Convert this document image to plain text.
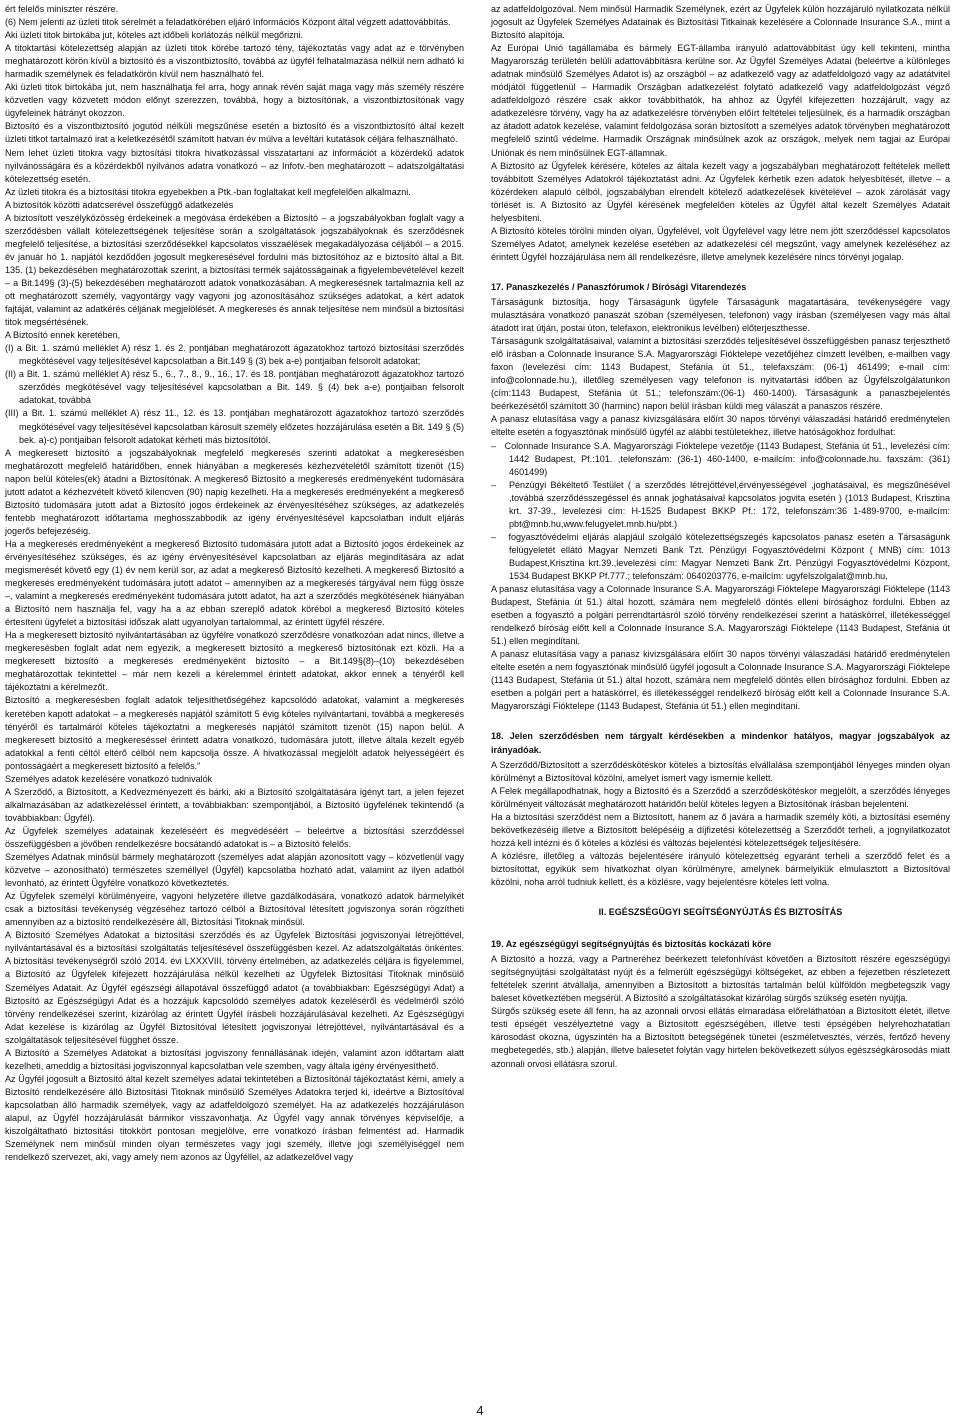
ért felelős miniszter részére.

(6) Nem jelenti az üzleti titok sérelmét a feladatkörében eljáró Információs Központ által végzett adattovábbítás.

Aki üzleti titok birtokába jut, köteles azt időbeli korlátozás nélkül megőrizni.

A titoktartási kötelezettség alapján az üzleti titok körébe tartozó tény, tájékoztatás vagy adat az e törvényben meghatározott körön kívül a biztosító és a viszontbiztosító, továbbá az ügyfél felhatalmazása nélkül nem adható ki harmadik személynek és feladatkörön kívül nem használható fel.

Aki üzleti titok birtokába jut, nem használhatja fel arra, hogy annak révén saját maga vagy más személy részére közvetlen vagy közvetett módon előnyt szerezzen, továbbá, hogy a biztosítónak, a viszontbiztosítónak vagy ügyfeleinek hátrányt okozzon.

Biztosító és a viszontbiztosító jogutód nélküli megszűnése esetén a biztosító és a viszontbiztosító által kezelt üzleti titkot tartalmazó irat a keletkezésétől számított hatvan év múlva a levéltári kutatások céljára felhasználható.

Nem lehet üzleti titokra vagy biztosítási titokra hivatkozással visszatartani az információt a közérdekű adatok nyilvánosságára és a közérdekből nyilvános adatra vonatkozó – az Infotv.-ben meghatározott – adatszolgáltatási kötelezettség esetén.

Az üzleti titokra és a biztosítási titokra egyebekben a Ptk.-ban foglaltakat kell megfelelően alkalmazni.

A biztosítók közötti adatcserével összefüggő adatkezelés

A biztosított veszélyközösség érdekeinek a megóvása érdekében a Biztosító – a jogszabályokban foglalt vagy a szerződésben vállalt kötelezettségének teljesítése során a szolgáltatások jogszabályoknak és szerződésnek megfelelő teljesítése, a biztosítási szerződésekkel kapcsolatos visszaélések megakadályozása céljából – a 2015. év január hó 1. napjától kezdődően jogosult megkeresésével fordulni más biztosítóhoz az e biztosító által a Bit. 135. (1) bekezdésében meghatározottak szerint, a biztosítási termék sajátosságainak a figyelembevételével kezelt – a Bit.149§ (3)-(5) bekezdésében meghatározott adatok vonatkozásában. A megkeresésnek tartalmaznia kell az ott meghatározott személy, vagyontárgy vagy vagyoni jog azonosításához szükséges adatokat, a kért adatok fajtáját, valamint az adatkérés céljának megjelölését. A megkeresés és annak teljesítése nem minősül a biztosítási titok megsértésének.

A Biztosító ennek keretében,

(I) a Bit. 1. számú melléklet A) rész 1. és 2. pontjában meghatározott ágazatokhoz tartozó biztosítási szerződés megkötésével vagy teljesítésével kapcsolatban a Bit.149 § (3) bek a-e) pontjaiban felsorolt adatokat;

(II) a Bit. 1. számú melléklet A) rész 5., 6., 7., 8., 9., 16., 17. és 18. pontjában meghatározott ágazatokhoz tartozó szerződés megkötésével vagy teljesítésével kapcsolatban a Bit. 149. § (4) bek a-e) pontjaiban felsorolt adatokat, továbbá

(III) a Bit. 1. számú melléklet A) rész 11., 12. és 13. pontjában meghatározott ágazatokhoz tartozó szerződés megkötésével vagy teljesítésével kapcsolatban károsult személy előzetes hozzájárulása esetén a Bit. 149 § (5) bek. a)-c) pontjaiban felsorolt adatokat kérheti más biztosítótól.

A megkeresett biztosító a jogszabályoknak megfelelő megkeresés szerinti adatokat a megkeresésben meghatározott megfelelő határidőben, ennek hiányában a megkeresés kézhezvételétől számított tizenöt (15) napon belül köteles(ek) átadni a Biztosítónak. A megkereső Biztosító a megkeresés eredményeként tudomására jutott adatot a kézhezvételt követő kilencven (90) napig kezelheti. Ha a megkeresés eredményeként a megkereső Biztosító tudomására jutott adat a Biztosító jogos érdekeinek az érvényesítéséhez szükséges, az adatkezelés fentebb meghatározott időtartama meghosszabbodik az igény érvényesítésével kapcsolatban indult eljárás jogerős befejezéséig.

Ha a megkeresés eredményeként a megkereső Biztosító tudomására jutott adat a Biztosító jogos érdekeinek az érvényesítéséhez szükséges, és az igény érvényesítésével kapcsolatban az eljárás megindítására az adat megismerését követő egy (1) év nem kerül sor, az adat a megkereső Biztosító kezelheti. A megkereső Biztosító a megkeresés eredményeként tudomására jutott adatot – amennyiben az a megkeresés tárgyával nem függ össze –, valamint a megkeresés eredményeként tudomására jutott adatot, ha azt a szerződés megkötésének hiányában a Biztosító nem használja fel, vagy ha a az ebban szereplő adatok körébol a megkereső Biztosító köteles értesíteni ügyfelet a biztosítási időszak alatt ugyanolyan tartalommal, az érintett ügyfél részére.

Ha a megkeresett biztosító nyilvántartásában az ügyfélre vonatkozó szerződésre vonatkozóan adat nincs, illetve a megkeresésben foglalt adat nem egyezik, a megkeresett biztosító a megkereső biztosítónak ezt közli. Ha a megkeresett biztosító a megkeresés eredményeként biztosító – a Bit.149§(8)–(10) bekezdésében meghatározottak tekintettel – már nem kezeli a kérelemmel érintett adatokat, akkor ennek a tényéről kell tájékoztatni a kérelmezőt.

Biztosító a megkeresésben foglalt adatok teljesíthetőségéhez kapcsolódó adatokat, valamint a megkeresés keretében kapott adatokat – a megkeresés napjától számított 5 évig köteles nyilvántartani, továbbá a megkeresés tényéről és tartalmáról köteles tájékoztatni a megkeresés napjától számított tizenöt (15) napon belül. A megkeresett biztosító a megkereséssel érintett adatra vonatkozó, tudomására jutott, illetve általa kezelt egyéb adatokkal a fenti céltól eltérő célból nem kapcsolja össze. A hivatkozással megjelölt adatok helyességéért és pontosságáért a megkeresett biztosító a felelős."

Személyes adatok kezelésére vonatkozó tudnivalók

A Szerződő, a Biztosított, a Kedvezményezett és bárki, aki a Biztosító szolgáltatására igényt tart, a jelen fejezet alkalmazásában az adatkezeléssel érintett, a továbbiakban: szempontjából, a Biztosító ügyfelének tekintendő (a továbbiakban: Ügyfél).

Az Ügyfelek személyes adatainak kezeléséért és megvédéséért – beleértve a biztosítási szerződéssel összefüggésben a jövőben rendelkezésre bocsátandó adatokat is – a Biztosító felelős.

Személyes Adatnak minősül bármely meghatározott (személyes adat alapján azonosított vagy – közvetlenül vagy közvetve – azonosítható) természetes személlyel (Ügyfél) kapcsolatba hozható adat, valamint az ilyen adatból levonható, az érintett Ügyfélre vonatkozó következtetés.

Az Ügyfelek személyi körülményeire, vagyoni helyzetére illetve gazdálkodására, vonatkozó adatok bármelyikét csak a biztosítási tevékenység végzéséhez tartozó célból a Biztosítóval létesített jogviszonya során rögzítheti amennyiben az a biztosító rendelkezésére áll, Biztosítási Titoknak minősül.

A Biztosító Személyes Adatokat a biztosítási szerződés és az Ügyfelek Biztosítási jogviszonyai létrejöttével, nyilvántartásával és a biztosítási szolgáltatás teljesítésével összefüggésben kezel. Az adatszolgáltatás önkéntes. A biztosítási tevékenységről szóló 2014. évi LXXXVIII. törvény értelmében, az adatkezelés céljára is figyelemmel, a Biztosító az Ügyfelek kifejezett hozzájárulása nélkül kezelheti az Ügyfelek Biztosítási Titoknak minősülő Személyes Adatait. Az Ügyfél egészségi állapotával összefüggő adatot (a továbbiakban: Egészségügyi Adat) a Biztosító az Egészségügyi Adat és a hozzájuk kapcsolódó személyes adatok kezeléséről és védelméről szóló törvény rendelkezései szerint, kizárólag az érintett Ügyfél írásbeli hozzájárulásával kezelheti. Az Egészségügyi Adat kezelése is kizárólag az Ügyfél Biztosítóval létesített jogviszonyai létrejöttével, nyilvántartásával és a szolgáltatások teljesítésével függhet össze.

A Biztosító a Személyes Adatokat a biztosítási jogviszony fennállásának idején, valamint azon időtartam alatt kezelheti, ameddig a biztosítási jogviszonnyal kapcsolatban vele szemben, vagy általa igény érvényesíthető.

Az Ügyfél jogosult a Biztosító által kezelt személyes adatai tekintetében a Biztosítónál tájékoztatást kérni, amely a Biztosító rendelkezésére álló Biztosítási Titoknak minősülő Személyes Adatokra terjed ki, ideértve a Biztosítóval kapcsolatban álló harmadik személyek, vagy az adatfeldolgozó személyét. Ha az adatkezelés hozzájáruláson alapul, az Ügyfél hozzájárulását bármikor visszavonhatja. Az Ügyfél vagy annak törvényes képviselője, a kiszolgáltatható biztosítási titokkört pontosan megjelölve, erre vonatkozó írásban felmentést ad. Harmadik Személynek nem minősül minden olyan természetes vagy jogi személy, illetve jogi személyiséggel nem rendelkező szervezet, aki, vagy amely nem azonos az Ügyféllel, az adatkezelővel vagy

az adatfeldolgozóval. Nem minősül Harmadik Személynek, ezért az Ügyfelek külön hozzájáruló nyilatkozata nélkül jogosult az Ügyfelek Személyes Adatainak és Biztosítási Titkainak kezelésére a Colonnade Insurance S.A., mint a Biztosító alapítója.

Az Európai Unió tagállamába és bármely EGT-államba irányuló adattovábbítást úgy kell tekinteni, mintha Magyarország területén belüli adattovábbításra kerülne sor. Az Ügyfél Személyes Adatai (beleértve a különleges adatnak minősülő Személyes Adatot is) az országból – az adatkezelő vagy az adatfeldolgozó vagy az adatátvitel módjától függetlenül – Harmadik Országban adatkezelést folytató adatkezelő vagy adatfeldolgozást végző adatfeldolgozó részére csak akkor továbbíthatók, ha ahhoz az Ügyfél kifejezetten hozzájárult, vagy az adatkezelésre törvény, vagy ha az adatkezelésre törvényben előírt feltételei teljesülnek, és a harmadik országban az átadott adatok kezelése, valamint feldolgozása során biztosított a személyes adatok törvényben meghatározott megfelelő szintű védelme. Harmadik Országnak minősülnek azok az országok, melyek nem tagjai az Európai Uniónak és nem minősülnek EGT-államnak.

A Biztosító az Ügyfelek kérésére, köteles az általa kezelt vagy a jogszabályban meghatározott feltételek mellett továbbított Személyes Adatokról tájékoztatást adni. Az Ügyfelek kérhetik ezen adatok helyesbítését, illetve – a közérdeken alapuló célból, jogszabályban elrendelt kötelező adatkezelések kivételével – azok zárolását vagy törlését is. A Biztosító az Ügyfél kérésének megfelelően köteles az Ügyfél által kezelt Személyes Adatait helyesbíteni.

A Biztosító köteles törölni minden olyan, Ügyfelével, volt Ügyfelével vagy létre nem jött szerződéssel kapcsolatos Személyes Adatot, amelynek kezelése esetében az adatkezelési cél megszűnt, vagy amelynek kezeléséhez az érintett Ügyfél hozzájárulása nem áll rendelkezésre, illetve amelynek kezelésére nincs törvényi jogalap.

17. Panaszkezelés / Panaszfórumok / Bírósági Vitarendezés

Társaságunk biztosítja, hogy Társaságunk ügyfele Társaságunk magatartására, tevékenységére vagy mulasztására vonatkozó panaszát szóban (személyesen, telefonon) vagy írásban (személyesen vagy más által átadott irat útján, postai úton, telefaxon, elektronikus levélben) előterjeszthesse.

Társaságunk szolgáltatásaival, valamint a biztosítási szerződés teljesítésével összefüggésben panasz terjeszthető elő írásban a Colonnade Insurance S.A. Magyarországi Fióktelepe vezetőjéhez címzett levélben, e-mailben vagy faxon (levelezési cím: 1143 Budapest, Stefánia út 51., telefaxszám: (06-1) 461499; e-mail cím: info@colonnade.hu.), illetőleg személyesen vagy telefonon is nyitvatartási időben az Ügyfélszolgálatunkon (cím:1143 Budapest, Stefánia út 51.; telefonszám:(06-1) 460-1400). Társaságunk a panaszbejelentés beérkezésétől számított 30 (harminc) napon belül írásban küldi meg válaszát a panaszos részére.

A panasz elutasítása vagy a panasz kivizsgálására előírt 30 napos törvényi válaszadási határidő eredménytelen eltelte esetén a fogyasztónak minősülő ügyfél az alábbi testületekhez, illetve hatóságokhoz fordulhat:

–   Colonnade Insurance S.A. Magyarországi Fióktelepe vezetője (1143 Budapest, Stefánia út 51., levelezési cím: 1442 Budapest, Pf.:101. ,telefonszám: (36-1) 460-1400, e-mailcím: info@colonnade.hu. faxszám: (361) 4601499)

–   Pénzügyi Békéltető Testület ( a szerződés létrejöttével,érvényességével ,joghatásaival, és megszűnésével ,továbbá szerződésszegéssel és annak joghatásaival kapcsolatos jogvita esetén ) (1013 Budapest, Krisztina krt. 37-39., levelezési cím: H-1525 Budapest BKKP Pf.: 172, telefonszám:36 1-489-9700, e-mailcím: pbt@mnb.hu,www.felugyelet.mnb.hu/pbt.)

–   fogyasztóvédelmi eljárás alapjául szolgáló kötelezettségszegés kapcsolatos panasz esetén a Társaságunk felügyeletét ellátó Magyar Nemzeti Bank Tzt. Pénzügyi Fogyasztóvédelmi Központ ( MNB) cím: 1013 Budapest,Krisztina krt.39.,levelezési cím: Magyar Nemzeti Bank Zrt. Pénzügyi Fogyasztóvédelmi Központ, 1534 Budapest BKKP Pf.777.; telefonszám: 0640203776, e-mailcím: ugyfelszolgalat@mnb.hu,

A panasz elutasítása vagy a Colonnade Insurance S.A. Magyarországi Fióktelepe Magyarországi Fióktelepe (1143 Budapest, Stefánia út 51.) által hozott, számára nem megfelelő döntés elleni bírósághoz fordulni. Ebben az esetben a fogyasztó a polgári perrendtartásról szóló törvény rendelkezései szerint a hatáskörrel, illetékességgel rendelkező bíróság előtt kell a Colonnade Insurance S.A. Magyarországi Fióktelepe (1143 Budapest, Stefánia út 51.) ellen megindítani.

A panasz elutasítása vagy a panasz kivizsgálására előírt 30 napos törvényi válaszadási határidő eredménytelen eltelte esetén a nem fogyasztónak minősülő ügyfél jogosult a Colonnade Insurance S.A. Magyarországi Fióktelepe (1143 Budapest, Stefánia út 51.) által hozott, számára nem megfelelő döntés ellen bírósághoz fordulni. Ebben az esetben a polgári pert a hatáskörrel, és illetékességgel rendelkező bíróság előtt kell a Colonnade Insurance S.A. Magyarországi Fióktelepe (1143 Budapest, Stefánia út 51.) ellen megindítani.

18. Jelen szerződésben nem tárgyalt kérdésekben a mindenkor hatályos, magyar jogszabályok az irányadóak.

A Szerződő/Biztosított a szerződéskötéskor köteles a biztosítás elvállalása szempontjából lényeges minden olyan körülményt a Biztosítóval közölni, amelyet ismert vagy ismernie kellett.

A Felek megállapodhatnak, hogy a Biztosító és a Szerződő a szerződéskötéskor megjelölt, a szerződés lényeges körülményeit változását meghatározott határidőn belül köteles legyen a Biztosítónak írásban bejelenteni.

Ha a biztosítási szerződést nem a Biztosított, hanem az ő javára a harmadik személy köti, a biztosítási esemény bekövetkezéséig illetve a Biztosított belépéséig a díjfizetési kötelezettség a Szerződőt terheli, a jognyilatkozatot hozzá kell intézni és ő köteles a közlési és változás bejelentési kötelezettségek teljesítésére.

A közlésre, illetőleg a változás bejelentésére irányuló kötelezettség egyaránt terheli a szerződő felet és a biztosítottat, egyikük sem hivatkozhat olyan körülményre, amelynek bármelyikük elmulasztott a Biztosítóval közölni, noha arról tudniuk kellett, és a közlésre, vagy bejelentésre köteles lett volna.

II. EGÉSZSÉGÜGYI SEGÍTSÉGNYÚJTÁS ÉS BIZTOSÍTÁS

19. Az egészségügyi segítségnyújtás és biztosítás kockázati köre

A Biztosító a hozzá, vagy a Partneréhez beérkezett telefonhívást követően a Biztosított részére egészségügyi segítségnyújtási szolgáltatást nyújt és a felmerült egészségügyi költségeket, az ebben a fejezetben részletezett feltételek szerint átvállalja, amennyiben a Biztosított a biztosítás tartalmán belül külföldön megbetegszik vagy baleset következtében megsérül. A Biztosító a szolgáltatásokat kizárólag sürgős szükség esetén nyújtja.

Sürgős szükség esete áll fenn, ha az azonnali orvosi ellátás elmaradása előreláthatóan a Biztosított életét, illetve testi épségét veszélyeztetné vagy a Biztosított egészségében, illetve testi épségében helyrehozhatatlan károsodást okozna, úgyszintén ha a Biztosított betegségének tünetei (eszméletvesztés, vérzés, fertőző heveny megbetegedés, stb.) alapján, illetve balesetet folytán vagy hirtelen bekövetkezett súlyos egészségkárosodás miatt azonnali orvosi ellátásra szorul.

4
